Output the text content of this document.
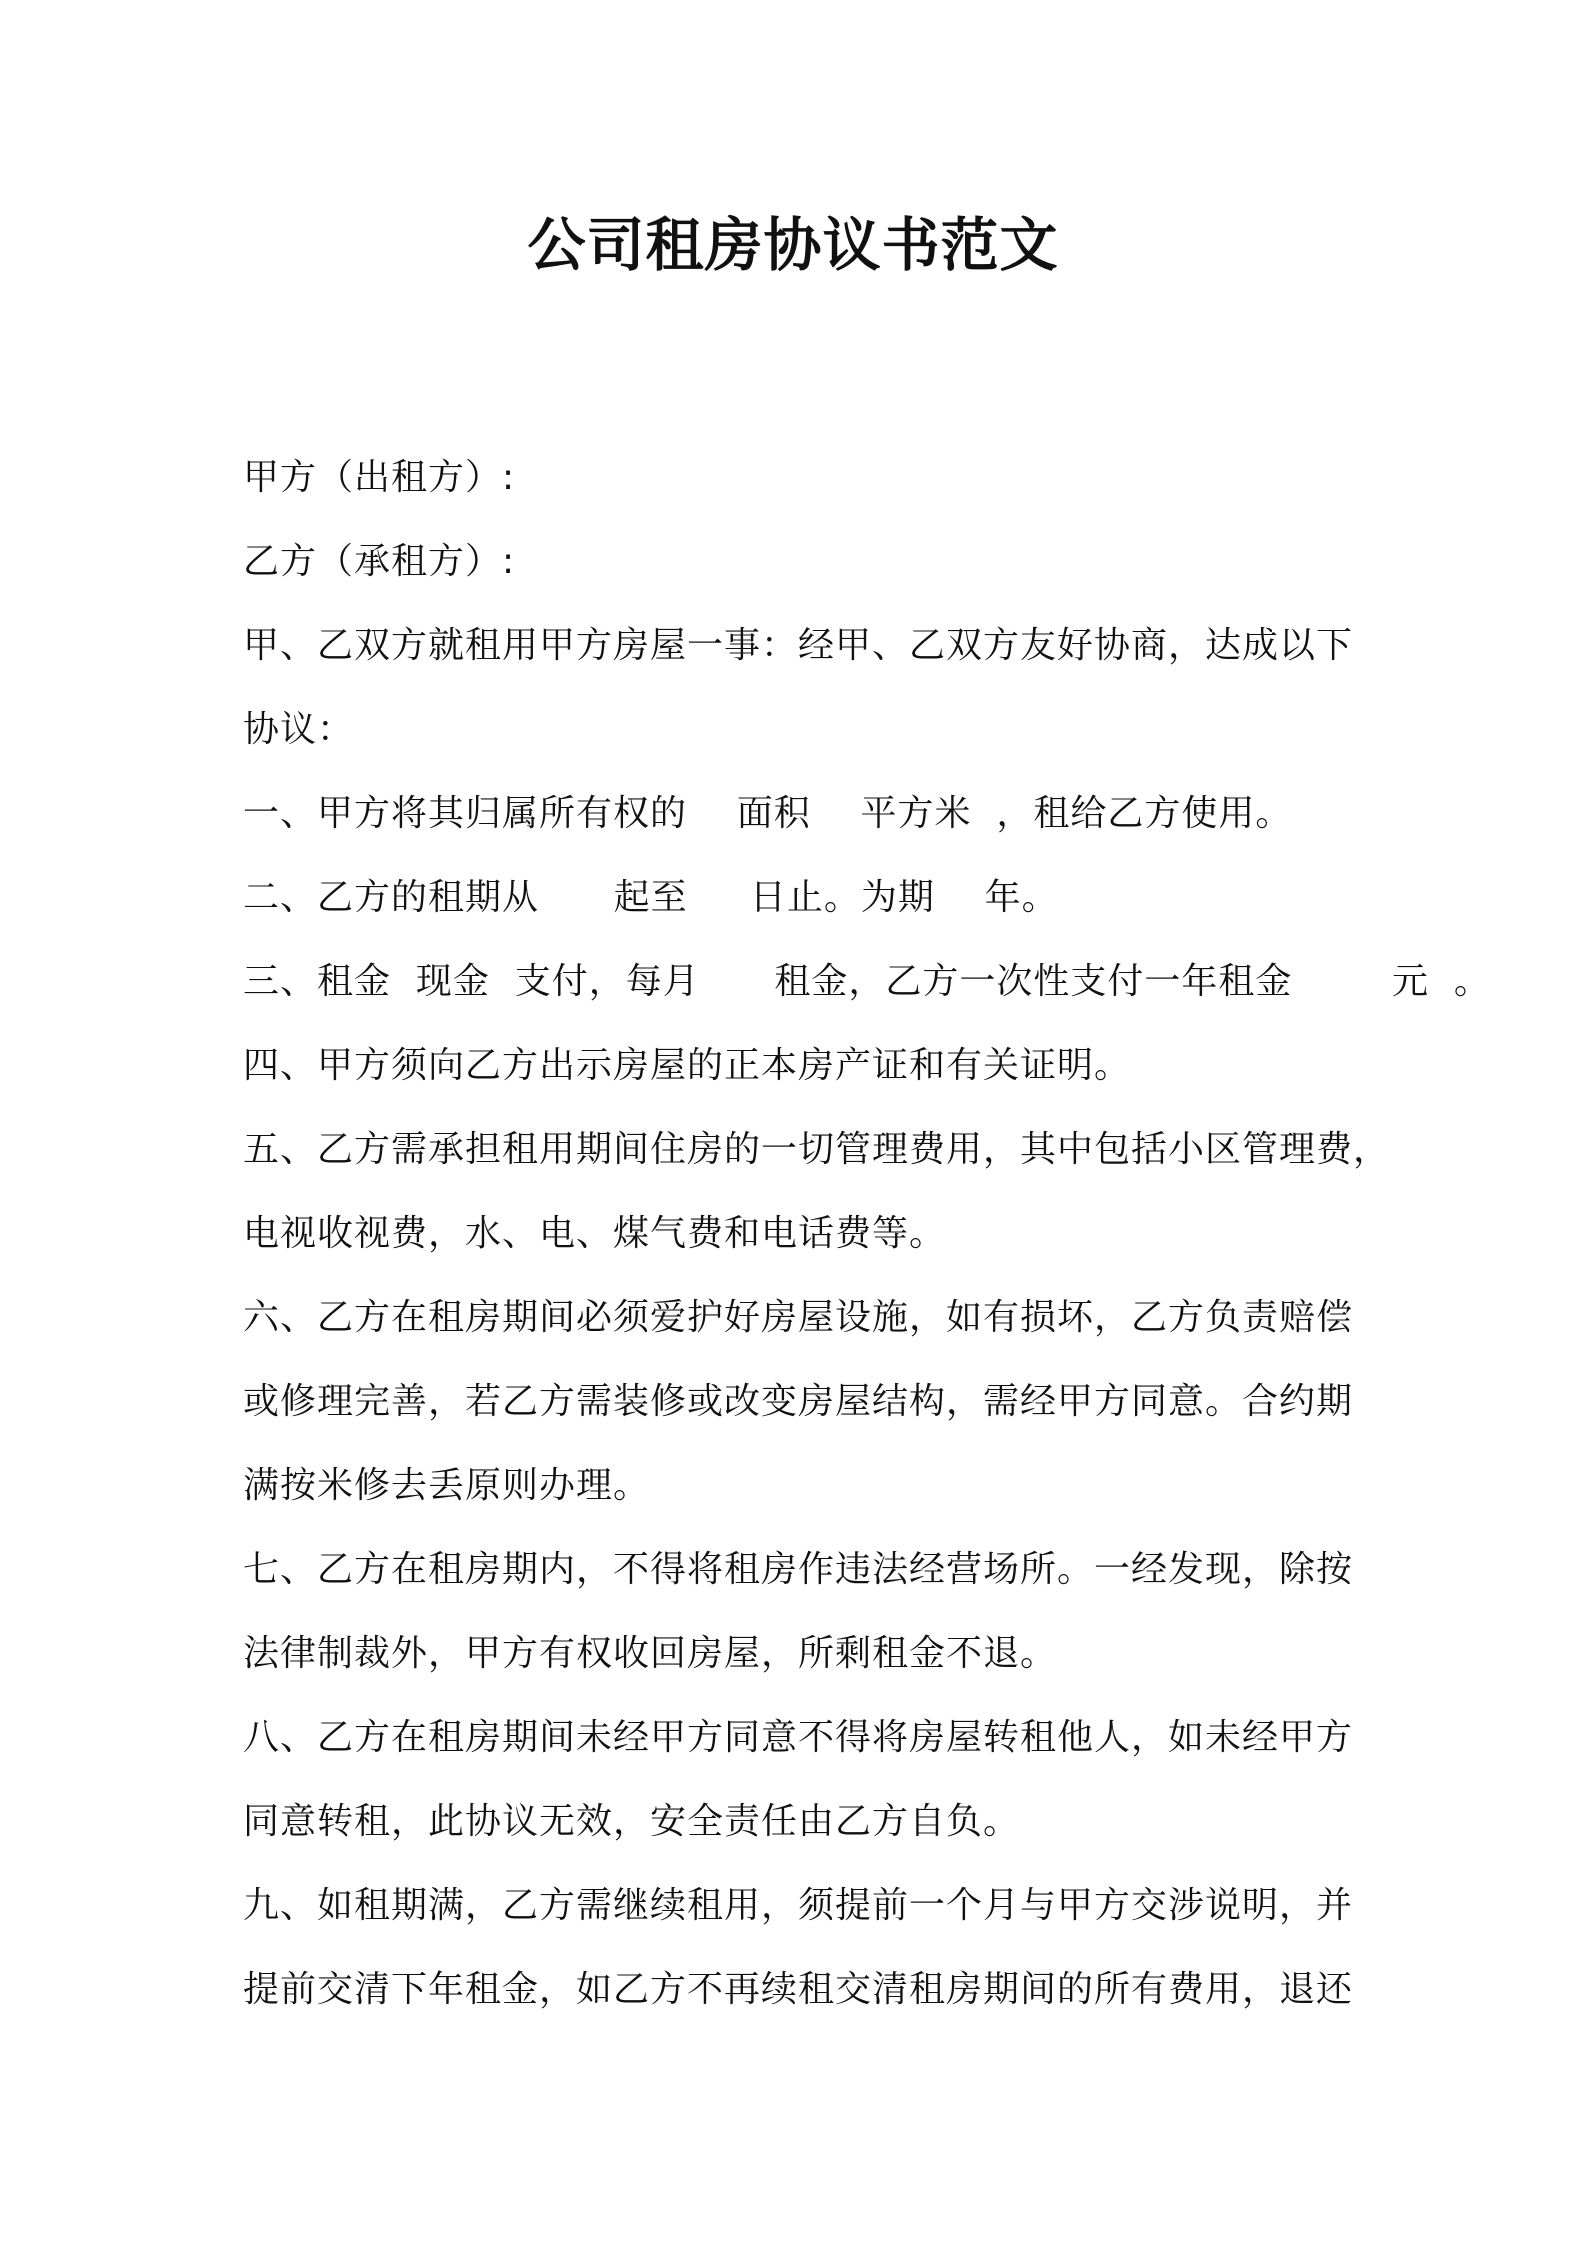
公司租房协议书范文
甲方（出租方）:
乙方（承租方）:
甲、乙双方就租用甲方房屋一事：经甲、乙双方友好协商，达成以下
协议：
一、甲方将其归属所有权的    面积    平方米  ，租给乙方使用。
二、乙方的租期从      起至     日止。为期    年。
三、租金  现金  支付，每月      租金，乙方一次性支付一年租金        元  。
四、甲方须向乙方出示房屋的正本房产证和有关证明。
五、乙方需承担租用期间住房的一切管理费用，其中包括小区管理费，
电视收视费，水、电、煤气费和电话费等。
六、乙方在租房期间必须爱护好房屋设施，如有损坏，乙方负责赔偿
或修理完善，若乙方需装修或改变房屋结构，需经甲方同意。合约期
满按米修去丢原则办理。
七、乙方在租房期内，不得将租房作违法经营场所。一经发现，除按
法律制裁外，甲方有权收回房屋，所剩租金不退。
八、乙方在租房期间未经甲方同意不得将房屋转租他人，如未经甲方
同意转租，此协议无效，安全责任由乙方自负。
九、如租期满，乙方需继续租用，须提前一个月与甲方交涉说明，并
提前交清下年租金，如乙方不再续租交清租房期间的所有费用，退还
